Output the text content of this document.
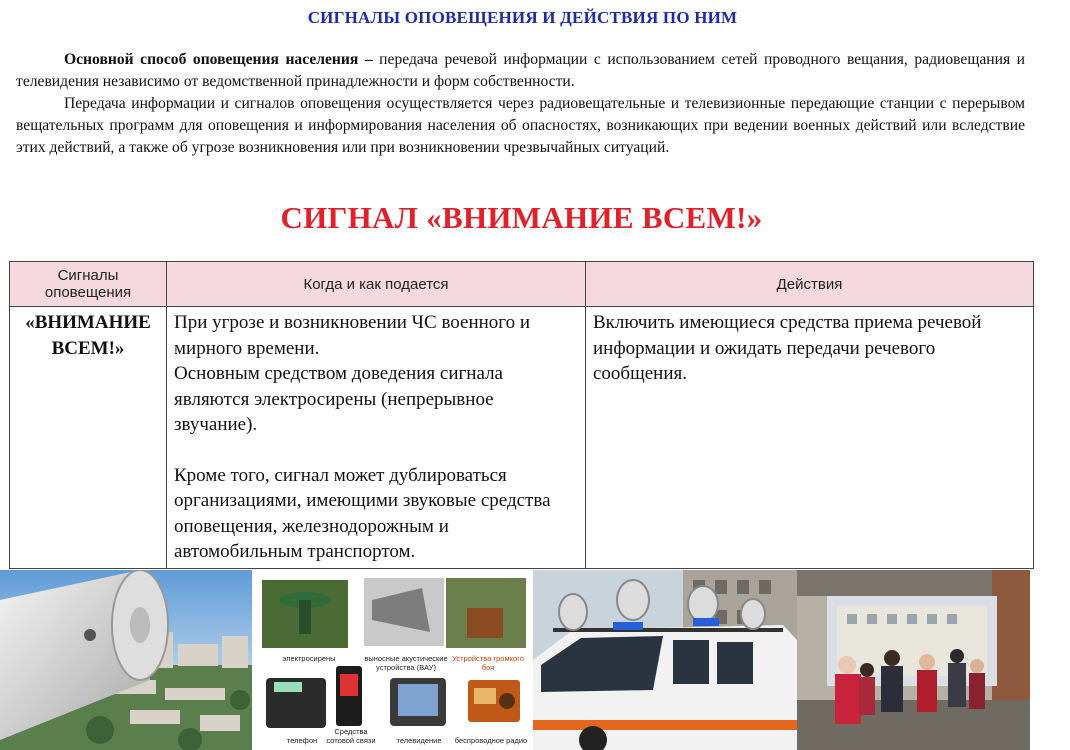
СИГНАЛЫ ОПОВЕЩЕНИЯ И ДЕЙСТВИЯ ПО НИМ

Основной способ оповещения населения – передача речевой информации с использованием сетей проводного вещания, радиовещания и телевидения независимо от ведомственной принадлежности и форм собственности.

Передача информации и сигналов оповещения осуществляется через радиовещательные и телевизионные передающие станции с перерывом вещательных программ для оповещения и информирования населения об опасностях, возникающих при ведении военных действий или вследствие этих действий, а также об угрозе возникновения или при возникновении чрезвычайных ситуаций.

СИГНАЛ «ВНИМАНИЕ ВСЕМ!»
Сигналы оповещения	Когда и как подается	Действия
«ВНИМАНИЕ ВСЕМ!»	При угрозе и возникновении ЧС военного и мирного времени.
Основным средством доведения сигнала являются электросирены (непрерывное звучание).
Кроме того, сигнал может дублироваться организациями, имеющими звуковые средства оповещения, железнодорожным и автомобильным транспортом.	Включить имеющиеся средства приема речевой информации и ожидать передачи речевого сообщения.
электросирены	выносные акустические устройства (ВАУ)
Устройства громкого боя
телефон
Средства сотовой связи	телевидение	беспроводное радио
